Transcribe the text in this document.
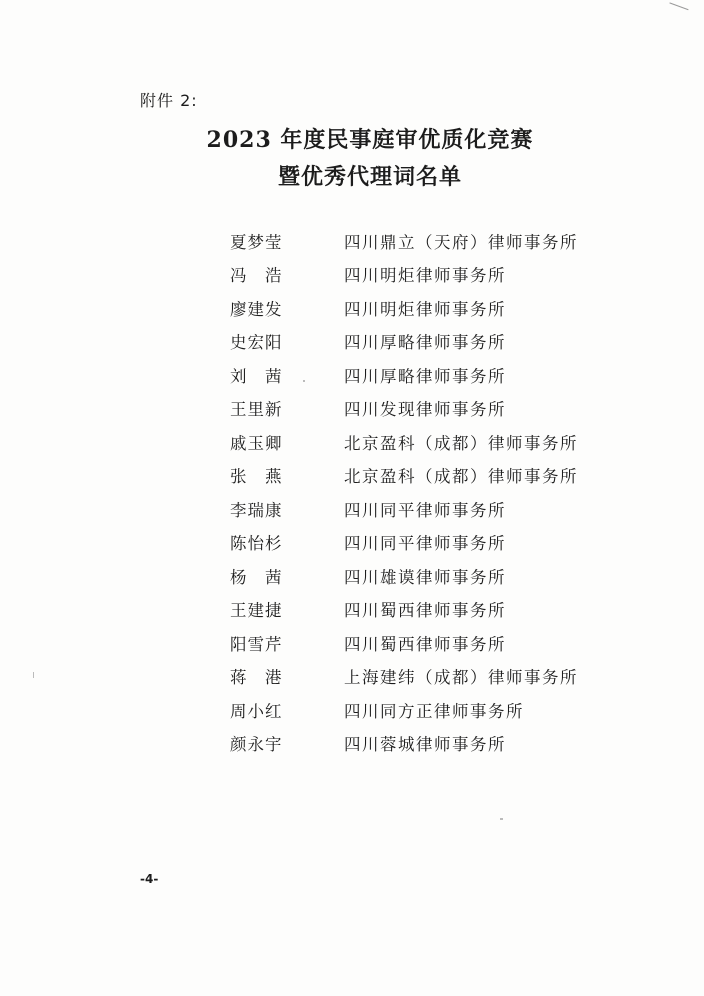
附件 2:
2023 年度民事庭审优质化竞赛
暨优秀代理词名单
夏梦莹	四川鼎立（天府）律师事务所
冯　浩	四川明炬律师事务所
廖建发	四川明炬律师事务所
史宏阳	四川厚略律师事务所
刘　茜	四川厚略律师事务所
王里新	四川发现律师事务所
戚玉卿	北京盈科（成都）律师事务所
张　燕	北京盈科（成都）律师事务所
李瑞康	四川同平律师事务所
陈怡杉	四川同平律师事务所
杨　茜	四川雄谟律师事务所
王建捷	四川蜀西律师事务所
阳雪芹	四川蜀西律师事务所
蒋　港	上海建纬（成都）律师事务所
周小红	四川同方正律师事务所
颜永宇	四川蓉城律师事务所
-4-
